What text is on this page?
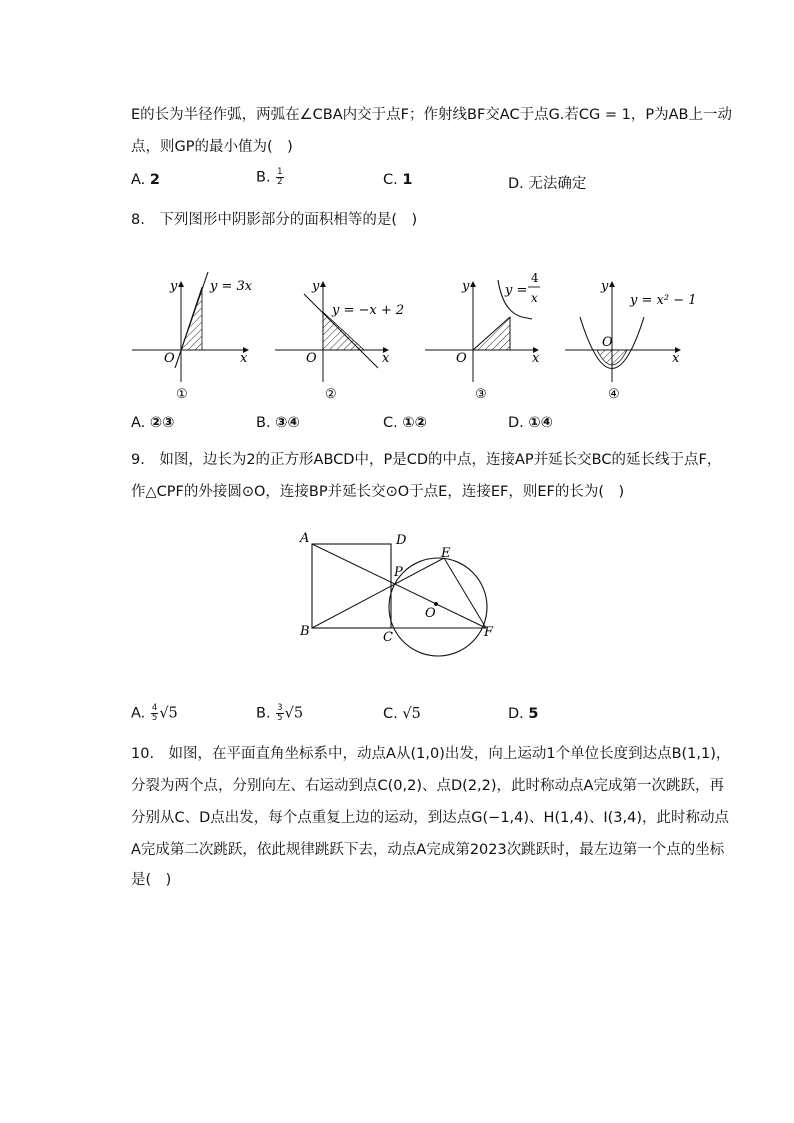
E的长为半径作弧，两弧在∠CBA内交于点F；作射线BF交AC于点G.若CG = 1，P为AB上一动
点，则GP的最小值为(　)
A. 2	B. $\frac{1}{2}$	C. 1	D. 无法确定
8.　下列图形中阴影部分的面积相等的是(　)
y
x
O
y = 3x
①
y
x
O
y = −x + 2
②
y
x
O
y =
4
x
③
y
x
O
y = x² − 1
④
A. ②③	B. ③④	C. ①②	D. ①④
9.　如图，边长为2的正方形ABCD中，P是CD的中点，连接AP并延长交BC的延长线于点F，
作△CPF的外接圆⊙O，连接BP并延长交⊙O于点E，连接EF，则EF的长为(　)
A	D
B	C
P
E
O
F
A. $\frac{4}{5} √5$	B. $\frac{3}{5} √5$	C. √5	D. 5
10.　如图，在平面直角坐标系中，动点A从(1,0)出发，向上运动1个单位长度到达点B(1,1)，
分裂为两个点，分别向左、右运动到点C(0,2)、点D(2,2)，此时称动点A完成第一次跳跃，再
分别从C、D点出发，每个点重复上边的运动，到达点G(−1,4)、H(1,4)、I(3,4)，此时称动点
A完成第二次跳跃，依此规律跳跃下去，动点A完成第2023次跳跃时，最左边第一个点的坐标
是(　)
